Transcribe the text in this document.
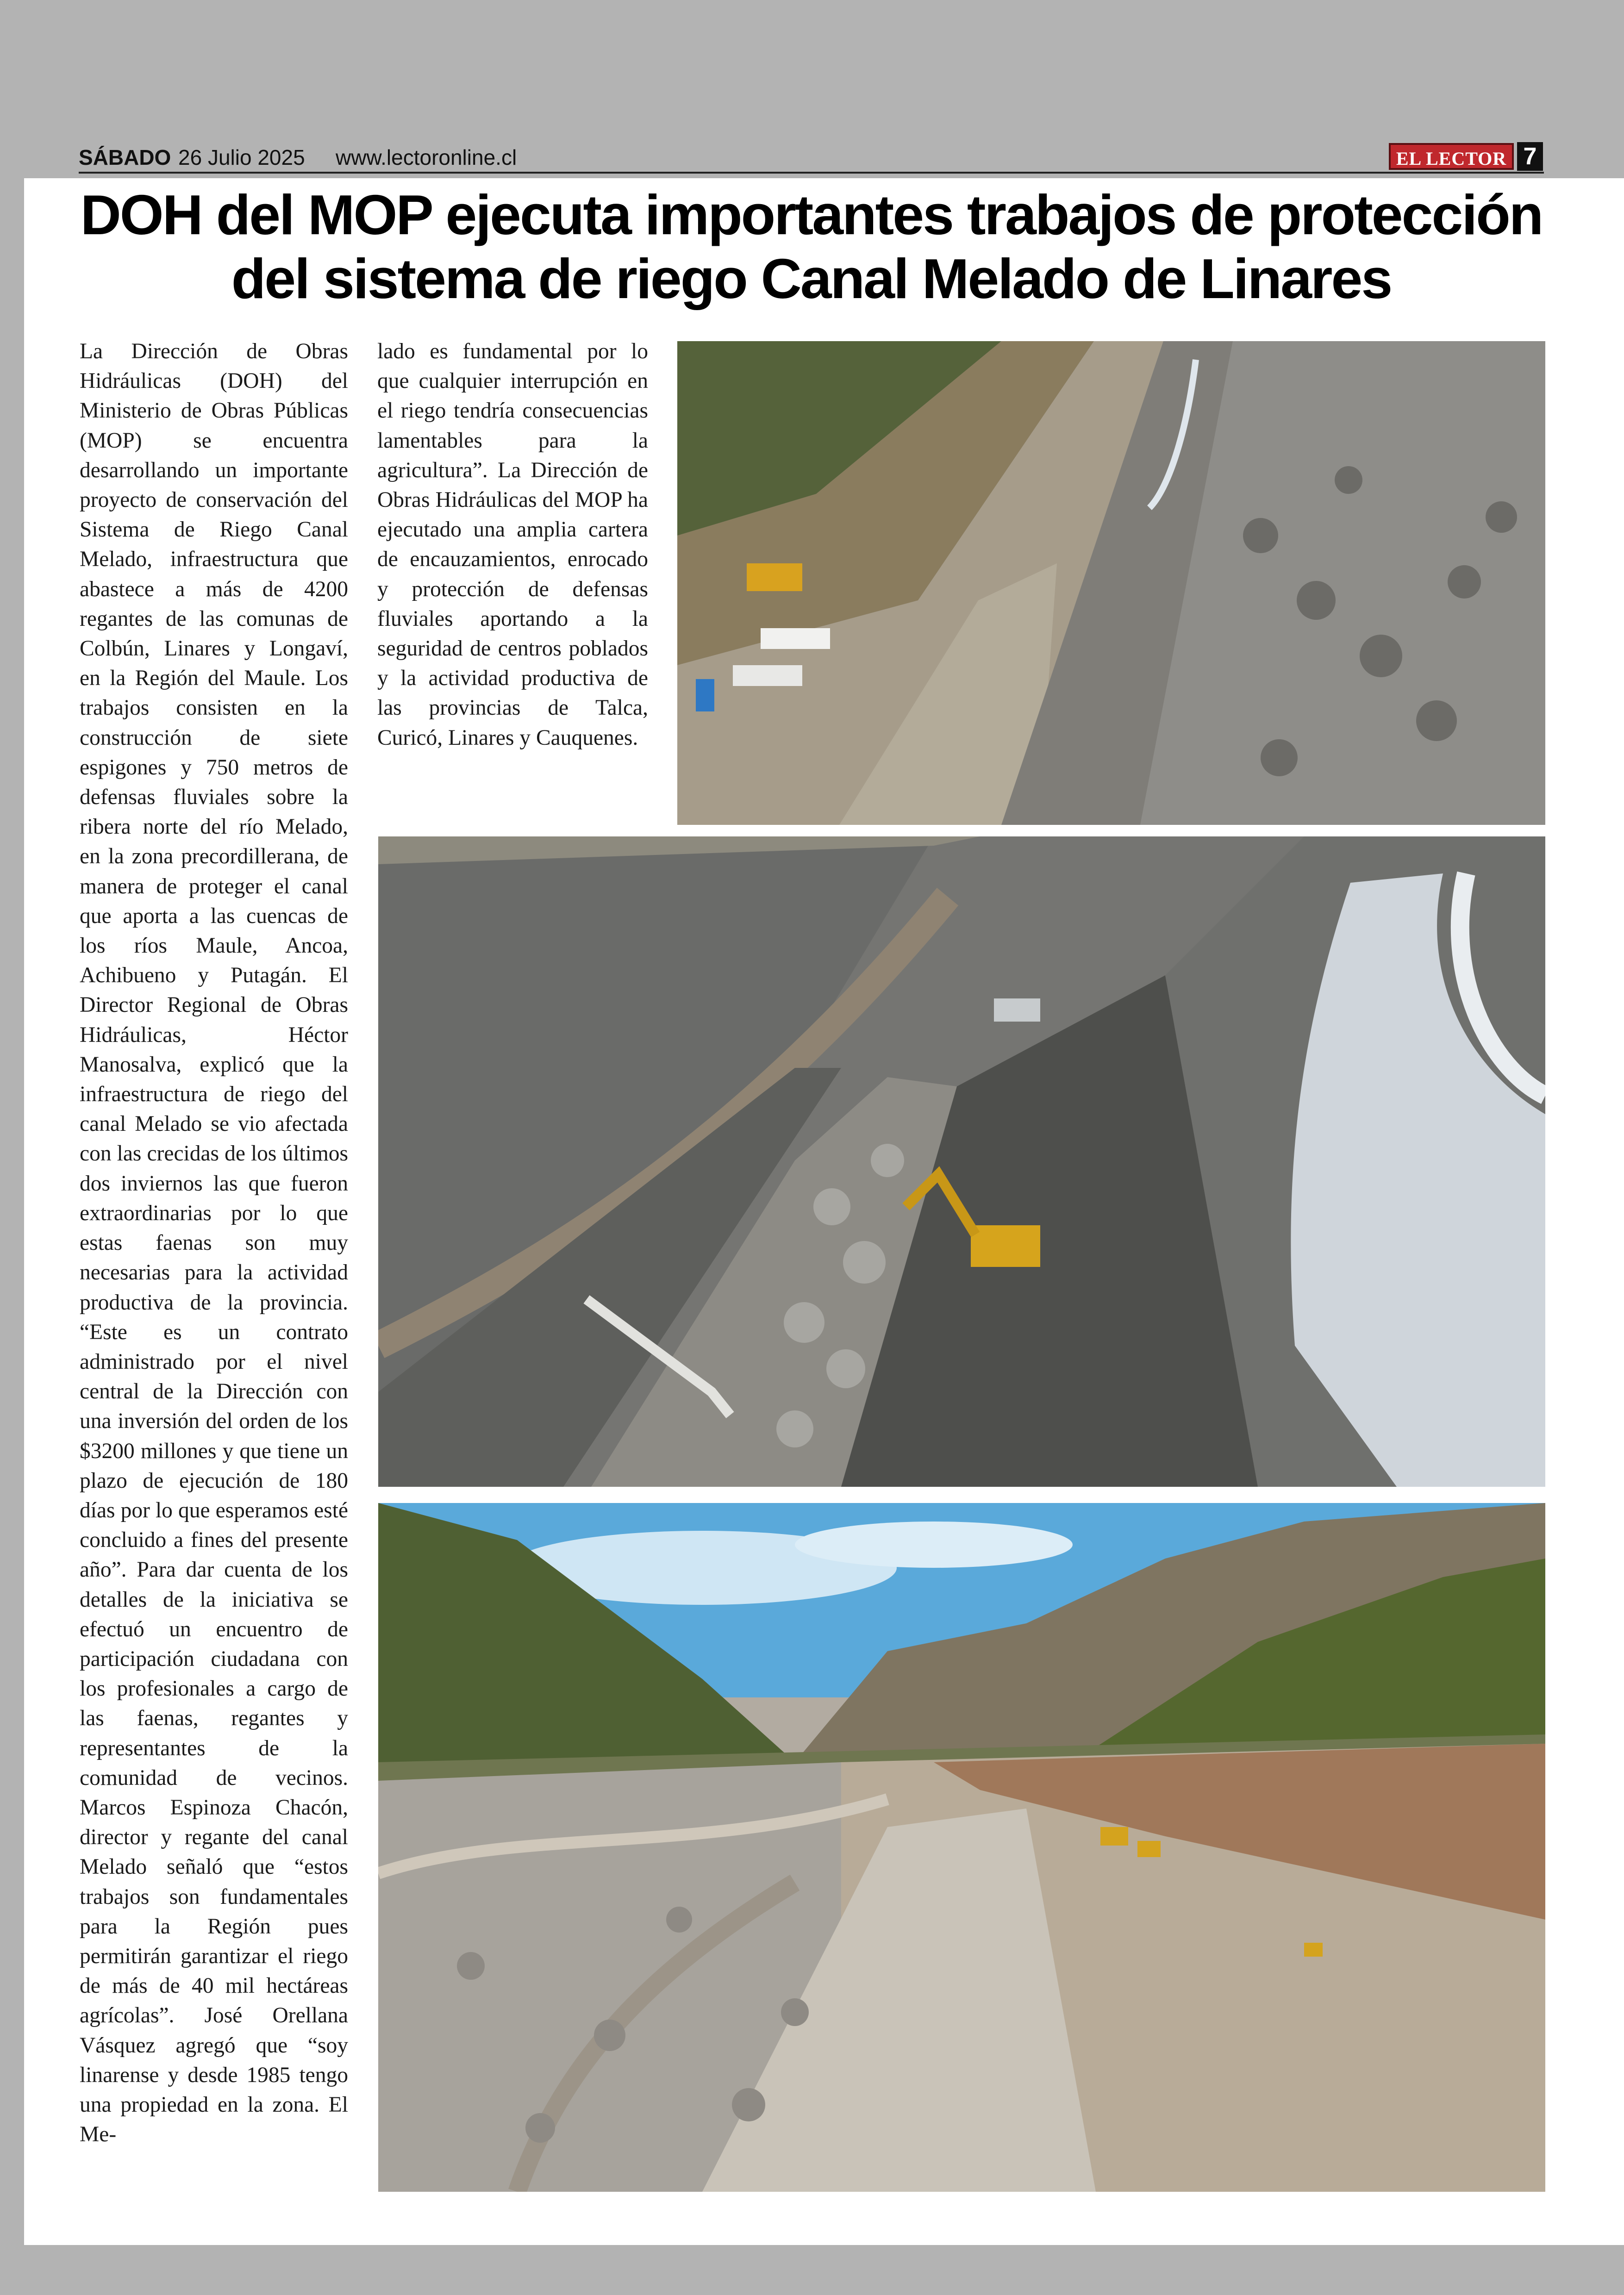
SÁBADO 26 Julio 2025 www.lectoronline.cl	EL LECTOR 7
DOH del MOP ejecuta importantes trabajos de protección del sistema de riego Canal Melado de Linares

La Dirección de Obras Hidráulicas (DOH) del Ministerio de Obras Públicas (MOP) se encuentra desarrollando un importante proyecto de conservación del Sistema de Riego Canal Melado, infraestructura que abastece a más de 4200 regantes de las comunas de Colbún, Linares y Longaví, en la Región del Maule. Los trabajos consisten en la construcción de siete espigones y 750 metros de defensas fluviales sobre la ribera norte del río Melado, en la zona precordillerana, de manera de proteger el canal que aporta a las cuencas de los ríos Maule, Ancoa, Achibueno y Putagán. El Director Regional de Obras Hidráulicas, Héctor Manosalva, explicó que la infraestructura de riego del canal Melado se vio afectada con las crecidas de los últimos dos inviernos las que fueron extraordinarias por lo que estas faenas son muy necesarias para la actividad productiva de la provincia. “Este es un contrato administrado por el nivel central de la Dirección con una inversión del orden de los $3200 millones y que tiene un plazo de ejecución de 180 días por lo que esperamos esté concluido a fines del presente año”. Para dar cuenta de los detalles de la iniciativa se efectuó un encuentro de participación ciudadana con los profesionales a cargo de las faenas, regantes y representantes de la comunidad de vecinos. Marcos Espinoza Chacón, director y regante del canal Melado señaló que “estos trabajos son fundamentales para la Región pues permitirán garantizar el riego de más de 40 mil hectáreas agrícolas”. José Orellana Vásquez agregó que “soy linarense y desde 1985 tengo una propiedad en la zona. El Me-

lado es fundamental por lo que cualquier interrupción en el riego tendría consecuencias lamentables para la agricultura”. La Dirección de Obras Hidráulicas del MOP ha ejecutado una amplia cartera de encauzamientos, enrocado y protección de defensas fluviales aportando a la seguridad de centros poblados y la actividad productiva de las provincias de Talca, Curicó, Linares y Cauquenes.
